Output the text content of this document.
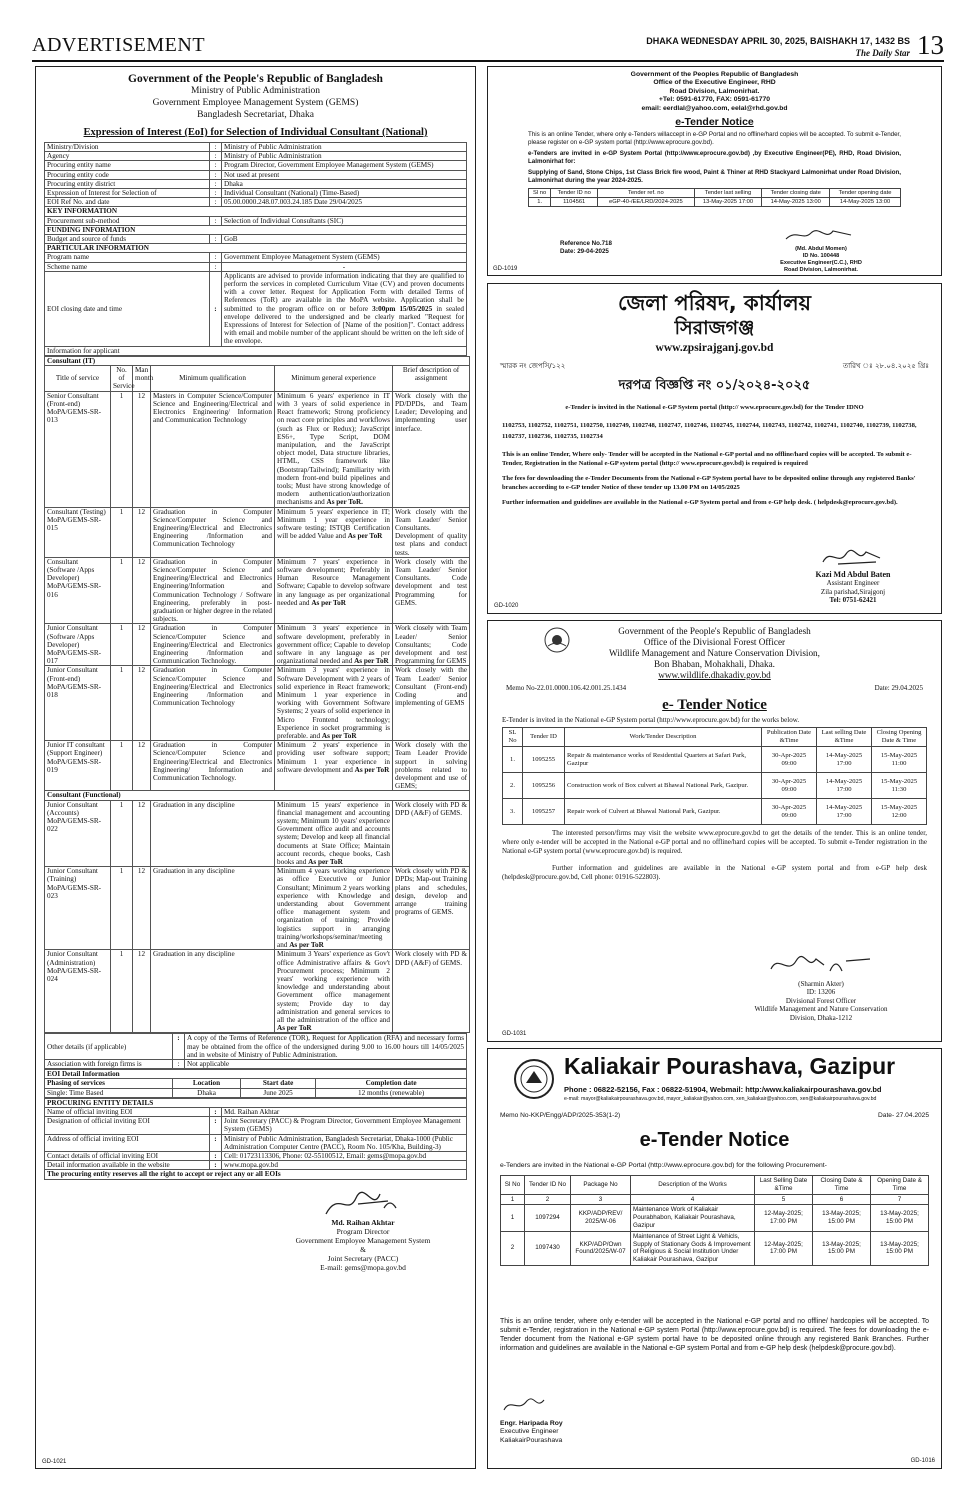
ADVERTISEMENT	DHAKA WEDNESDAY APRIL 30, 2025, BAISHAKH 17, 1432 BS
The Daily Star 13
Government of the People's Republic of Bangladesh
Ministry of Public Administration
Government Employee Management System (GEMS)
Bangladesh Secretariat, Dhaka
Expression of Interest (EoI) for Selection of Individual Consultant (National)
Ministry/Division	:	Ministry of Public Administration
Agency	:	Ministry of Public Administration
Procuring entity name	:	Program Director, Government Employee Management System (GEMS)
Procuring entity code	:	Not used at present
Procuring entity district	:	Dhaka
Expression of Interest for Selection of	:	Individual Consultant (National) (Time-Based)
EOI Ref No. and date	:	05.00.0000.248.07.003.24.185 Date 29/04/2025
KEY INFORMATION		
Procurement sub-method	:	Selection of Individual Consultants (SIC)
FUNDING INFORMATION		
Budget and source of funds	:	GoB
PARTICULAR INFORMATION		
Program name	:	Government Employee Management System (GEMS)
Scheme name	:	-
EOI closing date and time	:	Applicants are advised to provide information indicating that they are qualified to perform the services in completed Curriculum Vitae (CV) and proven documents with a cover letter. Request for Application Form with detailed Terms of References (ToR) are available in the MoPA website. Application shall be submitted to the program office on or before 3:00pm 15/05/2025 in sealed envelope delivered to the undersigned and be clearly marked "Request for Expressions of Interest for Selection of [Name of the position]". Contact address with email and mobile number of the applicant should be written on the left side of the envelope.
Information for applicant		
Consultant (IT)					
Title of service	No. of Service	Man month	Minimum qualification	Minimum general experience	Brief description of assignment
Senior Consultant (Front-end) MoPA/GEMS-SR-013	1	12	Masters in Computer Science/Computer Science and Engineering/Electrical and Electronics Engineering/ Information and Communication Technology	Minimum 6 years' experience in IT with 3 years of solid experience in React framework; Strong proficiency on react core principles and workflows (such as Flux or Redux); JavaScript ES6+, Type Script, DOM manipulation, and the JavaScript object model, Data structure libraries, HTML, CSS framework like (Bootstrap/Tailwind); Familiarity with modern front-end build pipelines and tools; Must have strong knowledge of modern authentication/authorization mechanisms and As per ToR.	Work closely with the PD/DPDs, and Team Leader; Developing and implementing user interface.
Consultant (Testing) MoPA/GEMS-SR-015	1	12	Graduation in Computer Science/Computer Science and Engineering/Electrical and Electronics Engineering /Information and Communication Technology	Minimum 5 years' experience in IT; Minimum 1 year experience in software testing; ISTQB Certification will be added Value and As per ToR	Work closely with the Team Leader/ Senior Consultants. Development of quality test plans and conduct tests.
Consultant (Software /Apps Developer) MoPA/GEMS-SR-016	1	12	Graduation in Computer Science/Computer Science and Engineering/Electrical and Electronics Engineering/Information and Communication Technology / Software Engineering, preferably in post-graduation or higher degree in the related subjects.	Minimum 7 years' experience in software development; Preferably in Human Resource Management Software; Capable to develop software in any language as per organizational needed and As per ToR	Work closely with the Team Leader/ Senior Consultants. Code development and test Programming for GEMS.
Junior Consultant (Software /Apps Developer) MoPA/GEMS-SR-017	1	12	Graduation in Computer Science/Computer Science and Engineering/Electrical and Electronics Engineering /Information and Communication Technology.	Minimum 3 years' experience in software development, preferably in government office; Capable to develop software in any language as per organizational needed and As per ToR	Work closely with Team Leader/ Senior Consultants; Code development and test Programming for GEMS
Junior Consultant (Front-end) MoPA/GEMS-SR-018	1	12	Graduation in Computer Science/Computer Science and Engineering/Electrical and Electronics Engineering /Information and Communication Technology	Minimum 3 years' experience in Software Development with 2 years of solid experience in React framework; Minimum 1 year experience in working with Government Software Systems; 2 years of solid experience in Micro Frontend technology; Experience in socket programming is preferable. and As per ToR	Work closely with the Team Leader/ Senior Consultant (Front-end) Coding and implementing of GEMS
Junior IT consultant (Support Engineer) MoPA/GEMS-SR-019	1	12	Graduation in Computer Science/Computer Science and Engineering/Electrical and Electronics Engineering/ Information and Communication Technology.	Minimum 2 years' experience in providing user software support; Minimum 1 year experience in software development and As per ToR	Work closely with the Team Leader Provide support in solving problems related to development and use of GEMS;
Consultant (Functional)					
Junior Consultant (Accounts) MoPA/GEMS-SR-022	1	12	Graduation in any discipline	Minimum 15 years' experience in financial management and accounting system; Minimum 10 years' experience Government office audit and accounts system; Develop and keep all financial documents at State Office; Maintain account records, cheque books, Cash books and As per ToR	Work closely with PD & DPD (A&F) of GEMS.
Junior Consultant (Training) MoPA/GEMS-SR-023	1	12	Graduation in any discipline	Minimum 4 years working experience as office Executive or Junior Consultant; Minimum 2 years working experience with Knowledge and understanding about Government office management system and organization of training; Provide logistics support in arranging training/workshops/seminar/meeting and As per ToR	Work closely with PD & DPDs; Map-out Training plans and schedules, design, develop and arrange training programs of GEMS.
Junior Consultant (Administration) MoPA/GEMS-SR-024	1	12	Graduation in any discipline	Minimum 3 Years' experience as Gov't office Administrative affairs & Gov't Procurement process; Minimum 2 years' working experience with knowledge and understanding about Government office management system; Provide day to day administration and general services to all the administration of the office and As per ToR	Work closely with PD & DPD (A&F) of GEMS.
Other details (if applicable)	:	A copy of the Terms of Reference (TOR), Request for Application (RFA) and necessary forms may be obtained from the office of the undersigned during 9.00 to 16.00 hours till 14/05/2025 and in website of Ministry of Public Administration.
Association with foreign firms is	:	Not applicable
EOI Detail Information			
Phasing of services	Location	Start date	Completion date
Single: Time Based	Dhaka	June 2025	12 months (renewable)
PROCURING ENTITY DETAILS		
Name of official inviting EOI	:	Md. Raihan Akhtar
Designation of official inviting EOI	:	Joint Secretary (PACC) & Program Director, Government Employee Management System (GEMS)
Address of official inviting EOI	:	Ministry of Public Administration, Bangladesh Secretariat, Dhaka-1000 (Public Administration Computer Centre (PACC), Room No. 105/Kha, Building-3)
Contact details of official inviting EOI	:	Cell: 01723113306, Phone: 02-55100512, Email: gems@mopa.gov.bd
Detail information available in the website	:	www.mopa.gov.bd
The procuring entity reserves all the right to accept or reject any or all EOIs		
Md. Raihan Akhtar
Program Director
Government Employee Management System
&
Joint Secretary (PACC)
E-mail: gems@mopa.gov.bd
GD-1021
Government of the Peoples Republic of Bangladesh
Office of the Executive Engineer, RHD
Road Division, Lalmonirhat.
+Tel: 0591-61770, FAX: 0591-61770
email: eerdlal@yahoo.com, eelal@rhd.gov.bd
e-Tender Notice
This is an online Tender, where only e-Tenders willaccept in e-GP Portal and no offline/hard copies will be accepted. To submit e-Tender, please register on e-GP system portal (http://www.eprocure.gov.bd).
e-Tenders are invited in e-GP System Portal (http://www.eprocure.gov.bd) ,by Executive Engineer(PE), RHD, Road Division, Lalmonirhat for:
Supplying of Sand, Stone Chips, 1st Class Brick fire wood, Paint & Thiner at RHD Stackyard Lalmonirhat under Road Division, Lalmonirhat during the year 2024-2025.
Sl no	Tender ID no	Tender ref. no	Tender last selling	Tender closing date	Tender opening date
1.	1104561	eGP-40-/EE/LRD/2024-2025	13-May-2025 17:00	14-May-2025 13:00	14-May-2025 13:00
Reference No.718
Date: 29-04-2025	(Md. Abdul Momen)
ID No. 100448
Executive Engineer(C.C.), RHD
Road Division, Lalmonirhat.
GD-1019
জেলা পরিষদ, কার্যালয়
সিরাজগঞ্জ
www.zpsirajganj.gov.bd
স্মারক নং জেপসি/১২২	তারিখ ঃ ২৮.০৪.২০২৫ খ্রিঃ
দরপত্র বিজ্ঞপ্তি নং ০১/২০২৪-২০২৫
e-Tender is invited in the National e-GP System portal (http:// www.eprocure.gov.bd) for the Tender IDNO
1102753, 1102752, 1102751, 1102750, 1102749, 1102748, 1102747, 1102746, 1102745, 1102744, 1102743, 1102742, 1102741, 1102740, 1102739, 1102738, 1102737, 1102736, 1102735, 1102734
This is an online Tender, Where only- Tender will be accepted in the National e-GP portal and no offline/hard copies will be accepted. To submit e-Tender, Registration in the National e-GP system portal (http:// www.eprocure.gov.bd) is required is required
The fees for downloading the e-Tender Documents from the National e-GP System portal have to be deposited online through any registered Banks' branches according to e-GP tender Notice of these tender up 13.00 PM on 14/05/2025
Further information and guidelines are available in the National e-GP System portal and from e-GP help desk. ( helpdesk@eprocure.gov.bd).
Kazi Md Abdul Baten
Assistant Engineer
Zila parishad,Sirajgonj
Tel: 0751-62421
GD-1020
Government of the People's Republic of Bangladesh
Office of the Divisional Forest Officer
Wildlife Management and Nature Conservation Division,
Bon Bhaban, Mohakhali, Dhaka.
www.wildlife.dhakadiv.gov.bd
Memo No-22.01.0000.106.42.001.25.1434	Date: 29.04.2025
e- Tender Notice
E-Tender is invited in the National e-GP System portal (http://www.eprocure.gov.bd) for the works below.
SL No	Tender ID	Work/Tender Description	Publication Date &Time	Last selling Date &Time	Closing Opening Date & Time
1.	1095255	Repair & maintenance works of Residential Quarters at Safari Park, Gazipur	30-Apr-2025 09:00	14-May-2025 17:00	15-May-2025 11:00
2.	1095256	Construction work of Box culvert at Bhawal National Park, Gazipur.	30-Apr-2025 09:00	14-May-2025 17:00	15-May-2025 11:30
3.	1095257	Repair work of Culvert at Bhawal National Park, Gazipur.	30-Apr-2025 09:00	14-May-2025 17:00	15-May-2025 12:00
The interested person/firms may visit the website www.eprocure.gov.bd to get the details of the tender. This is an online tender, where only e-tender will be accepted in the National e-GP portal and no offline/hard copies will be accepted. To submit e-Tender registration in the National e-GP system portal (www.eprocure.gov.bd) is required.
Further information and guidelines are available in the National e-GP system portal and from e-GP help desk (helpdesk@procure.gov.bd, Cell phone: 01916-522803).
(Sharmin Akter)
ID: 13206
Divisional Forest Officer
Wildlife Management and Nature Conservation
Division, Dhaka-1212
GD-1031
Kaliakair Pourashava, Gazipur
Phone : 06822-52156, Fax : 06822-51904, Webmail: http:/www.kaliakairpourashava.gov.bd
e-mail: mayor@kaliakairpourashava.gov.bd, mayor_kaliakair@yahoo.com, xen_kaliakair@yahoo.com, xen@kaliakairpourashava.gov.bd
Memo No-KKP/Engg/ADP/2025-353(1-2)	Date- 27.04.2025
e-Tender Notice
e-Tenders are invited in the National e-GP Portal (http://www.eprocure.gov.bd) for the following Procurement-
Sl No	Tender ID No	Package No	Description of the Works	Last Selling Date &Time	Closing Date & Time	Opening Date & Time
1	2	3	4	5	6	7
1	1097294	KKP/ADP/REV/ 2025/W-06	Maintenance Work of Kaliakair Pourabhabon, Kaliakair Pourashava, Gazipur	12-May-2025; 17:00 PM	13-May-2025; 15:00 PM	13-May-2025; 15:00 PM
2	1097430	KKP/ADP/Own Found/2025/W-07	Maintenance of Street Light & Vehicls, Supply of Stationary Gods & Improvement of Religious & Social Institution Under Kaliakair Pourashava, Gazipur	12-May-2025; 17:00 PM	13-May-2025; 15:00 PM	13-May-2025; 15:00 PM
This is an online tender, where only e-tender will be accepted in the National e-GP portal and no offline/ hardcopies will be accepted. To submit e-Tender, registration in the National e-GP system Portal (http://www.eprocure.gov.bd) is required. The fees for downloading the e-Tender document from the National e-GP system portal have to be deposited online through any registered Bank Branches. Further information and guidelines are available in the National e-GP system Portal and from e-GP help desk (helpdesk@procure.gov.bd).
Engr. Haripada Roy
Executive Engineer
KaliakairPourashava
GD-1016
